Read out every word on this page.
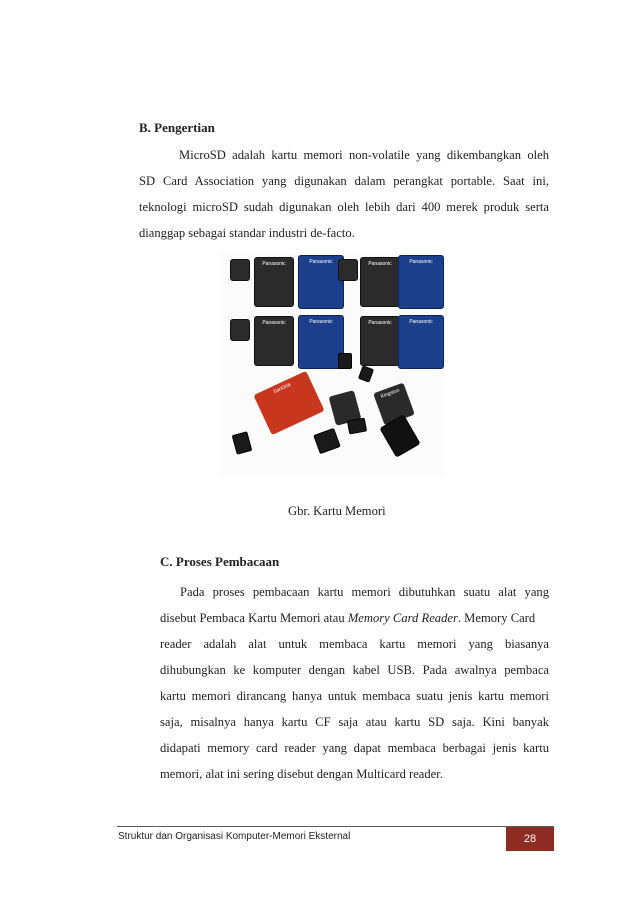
B. Pengertian
MicroSD adalah kartu memori non-volatile yang dikembangkan oleh
SD Card Association yang digunakan dalam perangkat portable. Saat ini,
teknologi microSD sudah digunakan oleh lebih dari 400 merek produk serta
dianggap sebagai standar industri de-facto.
Panasonic	Panasonic	Panasonic	Panasonic
Panasonic	Panasonic	Panasonic	Panasonic
SanDisk	Kingston
Gbr. Kartu Memori
C. Proses Pembacaan
Pada proses pembacaan kartu memori dibutuhkan suatu alat yang
disebut Pembaca Kartu Memori atau Memory Card Reader. Memory Card
reader adalah alat untuk membaca kartu memori yang biasanya
dihubungkan ke komputer dengan kabel USB. Pada awalnya pembaca
kartu memori dirancang hanya untuk membaca suatu jenis kartu memori
saja, misalnya hanya kartu CF saja atau kartu SD saja. Kini banyak
didapati memory card reader yang dapat membaca berbagai jenis kartu
memori, alat ini sering disebut dengan Multicard reader.
Struktur dan Organisasi Komputer-Memori Eksternal	28
